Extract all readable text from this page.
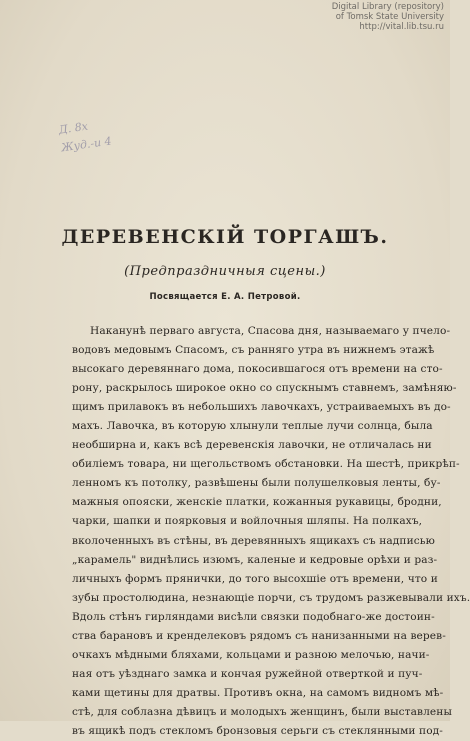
Digital Library (repository)
of Tomsk State University
http://vital.lib.tsu.ru
Д. 8х
Жуд.-и 4
ДЕРЕВЕНСКІЙ ТОРГАШЪ.
(Предпраздничныя сцены.)
Посвящается Е. А. Петровой.
Наканунѣ перваго августа, Спасова дня, называемаго у пчело-
водовъ медовымъ Спасомъ, съ ранняго утра въ нижнемъ этажѣ
высокаго деревяннаго дома, покосившагося отъ времени на сто-
рону, раскрылось широкое окно со спускнымъ ставнемъ, замѣняю-
щимъ прилавокъ въ небольшихъ лавочкахъ, устраиваемыхъ въ до-
махъ. Лавочка, въ которую хлынули теплые лучи солнца, была
необширна и, какъ всѣ деревенскія лавочки, не отличалась ни
обиліемъ товара, ни щегольствомъ обстановки. На шестѣ, прикрѣп-
ленномъ къ потолку, развѣшены были полушелковыя ленты, бу-
мажныя опояски, женскіе платки, кожанныя рукавицы, бродни,
чарки, шапки и поярковыя и войлочныя шляпы. На полкахъ,
вколоченныхъ въ стѣны, въ деревянныхъ ящикахъ съ надписью
„карамель" виднѣлись изюмъ, каленые и кедровые орѣхи и раз-
личныхъ формъ прянички, до того высохшіе отъ времени, что и
зубы простолюдина, незнающіе порчи, съ трудомъ разжевывали ихъ.
Вдоль стѣнъ гирляндами висѣли связки подобнаго-же достоин-
ства барановъ и кренделековъ рядомъ съ нанизанными на верев-
очкахъ мѣдными бляхами, кольцами и разною мелочью, начи-
ная отъ уѣзднаго замка и кончая ружейной отверткой и пуч-
ками щетины для дратвы. Противъ окна, на самомъ видномъ мѣ-
стѣ, для соблазна дѣвицъ и молодыхъ женщинъ, были выставлены
въ ящикѣ подъ стекломъ бронзовыя серьги съ стеклянными под-
